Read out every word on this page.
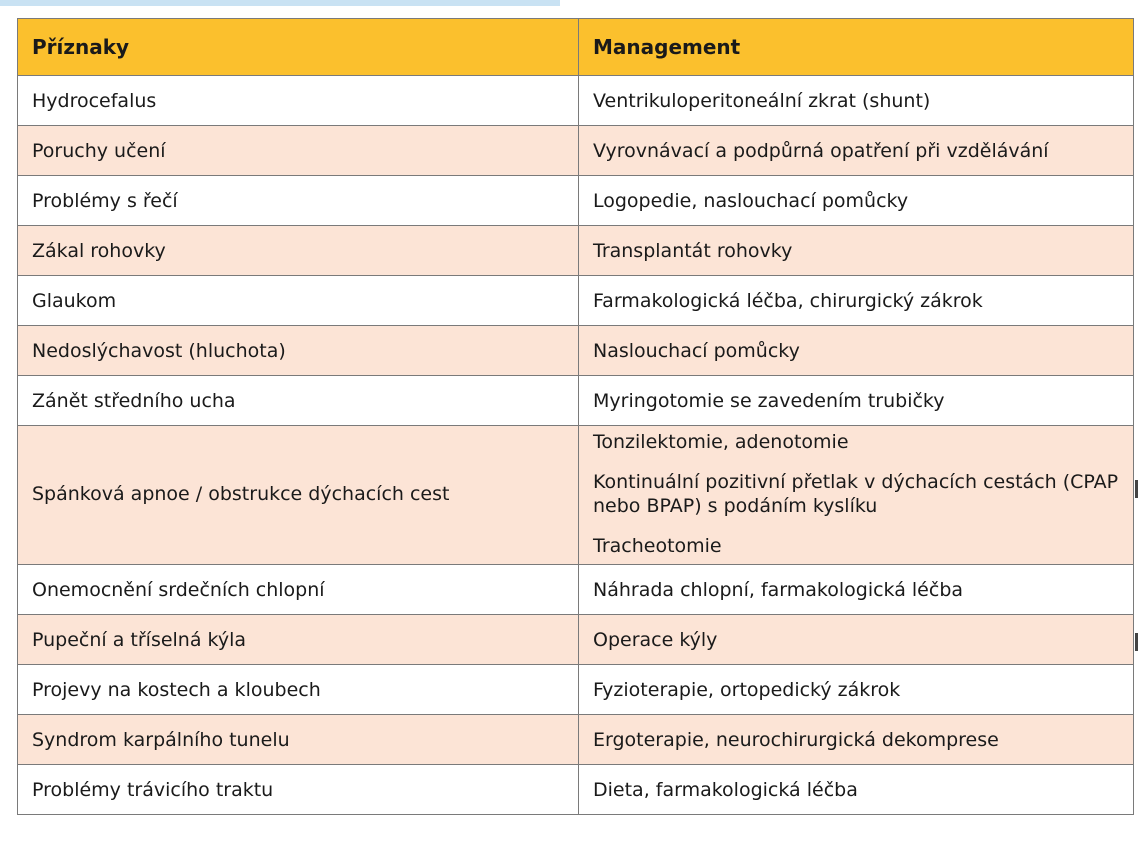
Příznaky	Management
Hydrocefalus	Ventrikuloperitoneální zkrat (shunt)

Poruchy učení	Vyrovnávací a podpůrná opatření při vzdělávání

Problémy s řečí	Logopedie, naslouchací pomůcky

Zákal rohovky	Transplantát rohovky

Glaukom	Farmakologická léčba, chirurgický zákrok

Nedoslýchavost (hluchota)	Naslouchací pomůcky

Zánět středního ucha	Myringotomie se zavedením trubičky

Spánková apnoe / obstrukce dýchacích cest	Tonzilektomie, adenotomie
Kontinuální pozitivní přetlak v dýchacích cestách (CPAP nebo BPAP) s podáním kyslíku
Tracheotomie

Onemocnění srdečních chlopní	Náhrada chlopní, farmakologická léčba

Pupeční a tříselná kýla	Operace kýly

Projevy na kostech a kloubech	Fyzioterapie, ortopedický zákrok

Syndrom karpálního tunelu	Ergoterapie, neurochirurgická dekomprese

Problémy trávicího traktu	Dieta, farmakologická léčba
